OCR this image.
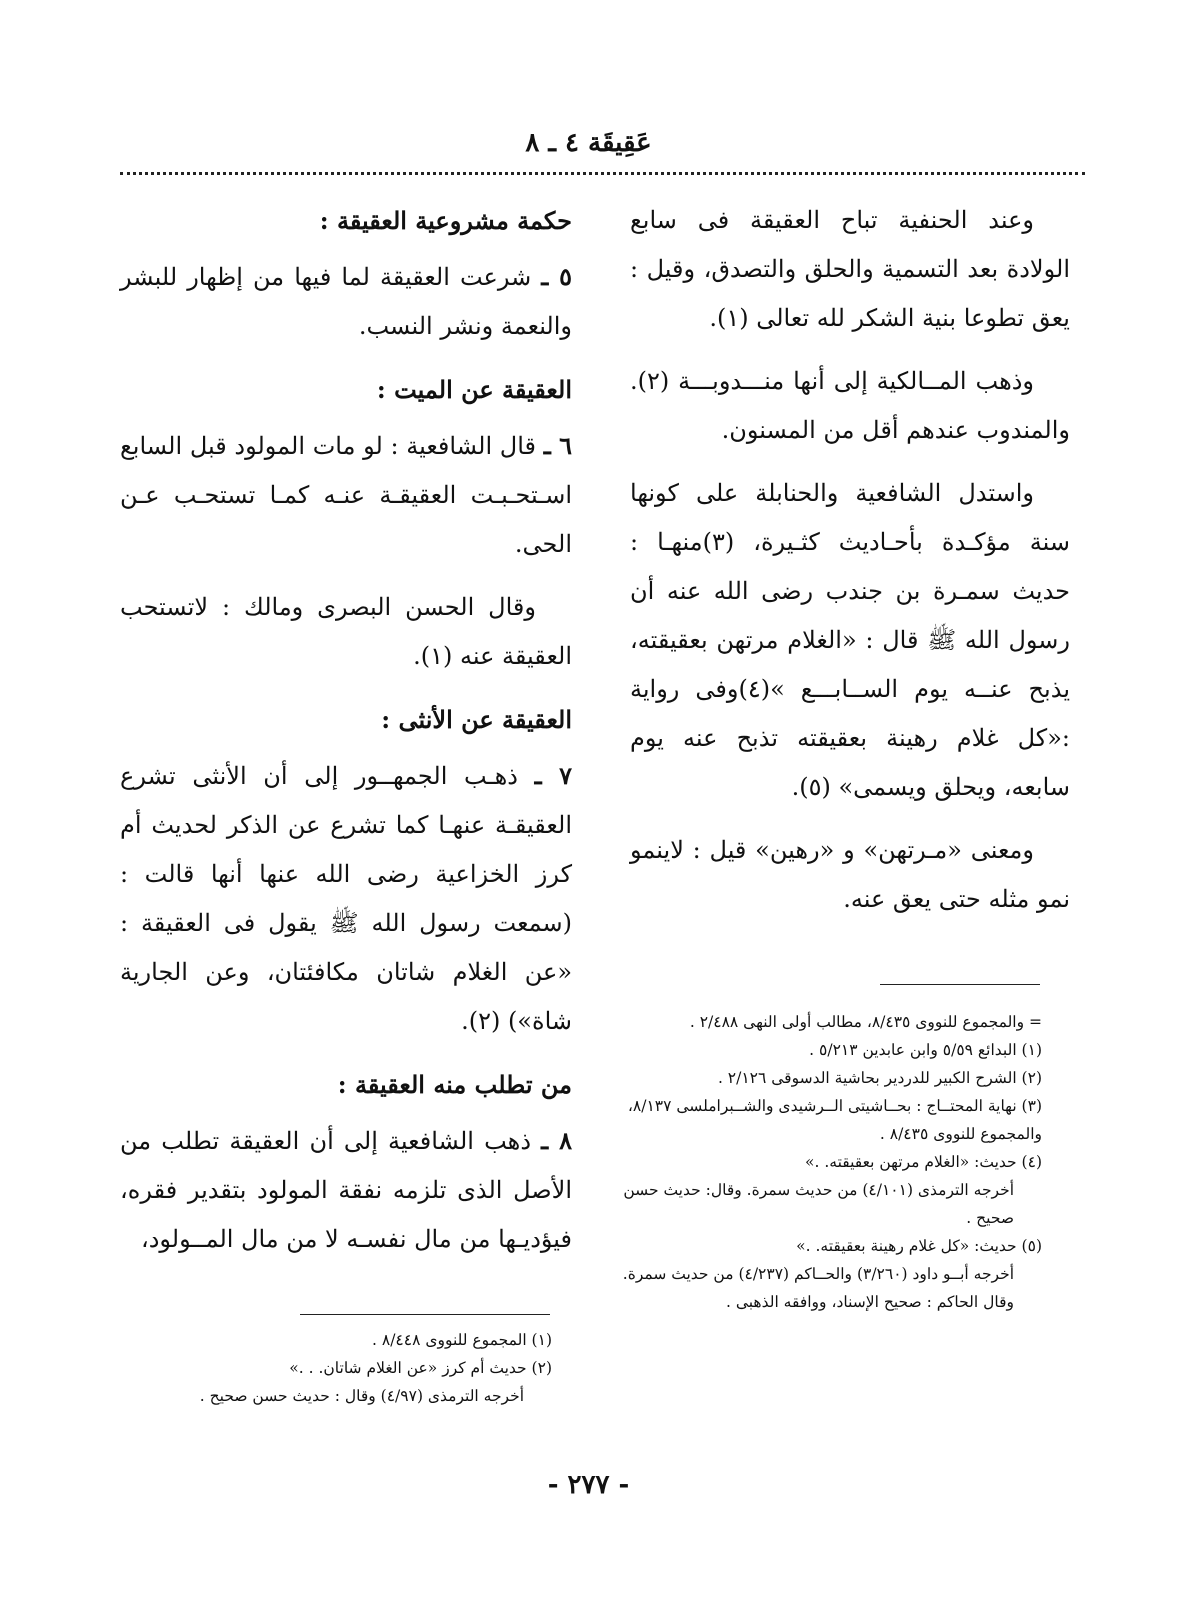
عَقِيقَة ٤ ـ ٨

وعند الحنفية تباح العقيقة فى سابع الولادة بعد التسمية والحلق والتصدق، وقيل : يعق تطوعا بنية الشكر لله تعالى (١).

وذهب المــالكية إلى أنها منـــدوبـــة (٢). والمندوب عندهم أقل من المسنون.

واستدل الشافعية والحنابلة على كونها سنة مؤكـدة بأحـاديث كثـيرة، (٣)منهـا : حديث سمـرة بن جندب رضى الله عنه أن رسول الله ﷺ قال : «الغلام مرتهن بعقيقته، يذبح عنــه يوم الســابـــع »(٤)وفى رواية :«كل غلام رهينة بعقيقته تذبح عنه يوم سابعه، ويحلق ويسمى» (٥).

ومعنى «مـرتهن» و «رهين» قيل : لاينمو نمو مثله حتى يعق عنه.

= والمجموع للنووى ٨/٤٣٥، مطالب أولى النهى ٢/٤٨٨ .

(١) البدائع ٥/٥٩ وابن عابدين ٥/٢١٣ .

(٢) الشرح الكبير للدردير بحاشية الدسوقى ٢/١٢٦ .

(٣) نهاية المحتــاج : بحــاشيتى الــرشيدى والشــبراملسى ٨/١٣٧، والمجموع للنووى ٨/٤٣٥ .

(٤) حديث: «الغلام مرتهن بعقيقته. .»

أخرجه الترمذى (٤/١٠١) من حديث سمرة. وقال: حديث حسن صحيح .

(٥) حديث: «كل غلام رهينة بعقيقته. .»

أخرجه أبــو داود (٣/٢٦٠) والحــاكم (٤/٢٣٧) من حديث سمرة. وقال الحاكم : صحيح الإسناد، ووافقه الذهبى .

حكمة مشروعية العقيقة :

٥ ـ شرعت العقيقة لما فيها من إظهار للبشر والنعمة ونشر النسب.

العقيقة عن الميت :

٦ ـ قال الشافعية : لو مات المولود قبل السابع اسـتحـبـت العقيقـة عنـه كمـا تستحـب عـن الحى.

وقال الحسن البصرى ومالك : لاتستحب العقيقة عنه (١).

العقيقة عن الأنثى :

٧ ـ ذهـب الجمهــور إلى أن الأنثى تشرع العقيقـة عنهـا كما تشرع عن الذكر لحديث أم كرز الخزاعية رضى الله عنها أنها قالت : (سمعت رسول الله ﷺ يقول فى العقيقة : «عن الغلام شاتان مكافئتان، وعن الجارية شاة») (٢).

من تطلب منه العقيقة :

٨ ـ ذهب الشافعية إلى أن العقيقة تطلب من الأصل الذى تلزمه نفقة المولود بتقدير فقره، فيؤديـها من مال نفسـه لا من مال المــولود،

(١) المجموع للنووى ٨/٤٤٨ .

(٢) حديث أم كرز «عن الغلام شاتان. . .»

أخرجه الترمذى (٤/٩٧) وقال : حديث حسن صحيح .

- ٢٧٧ -
